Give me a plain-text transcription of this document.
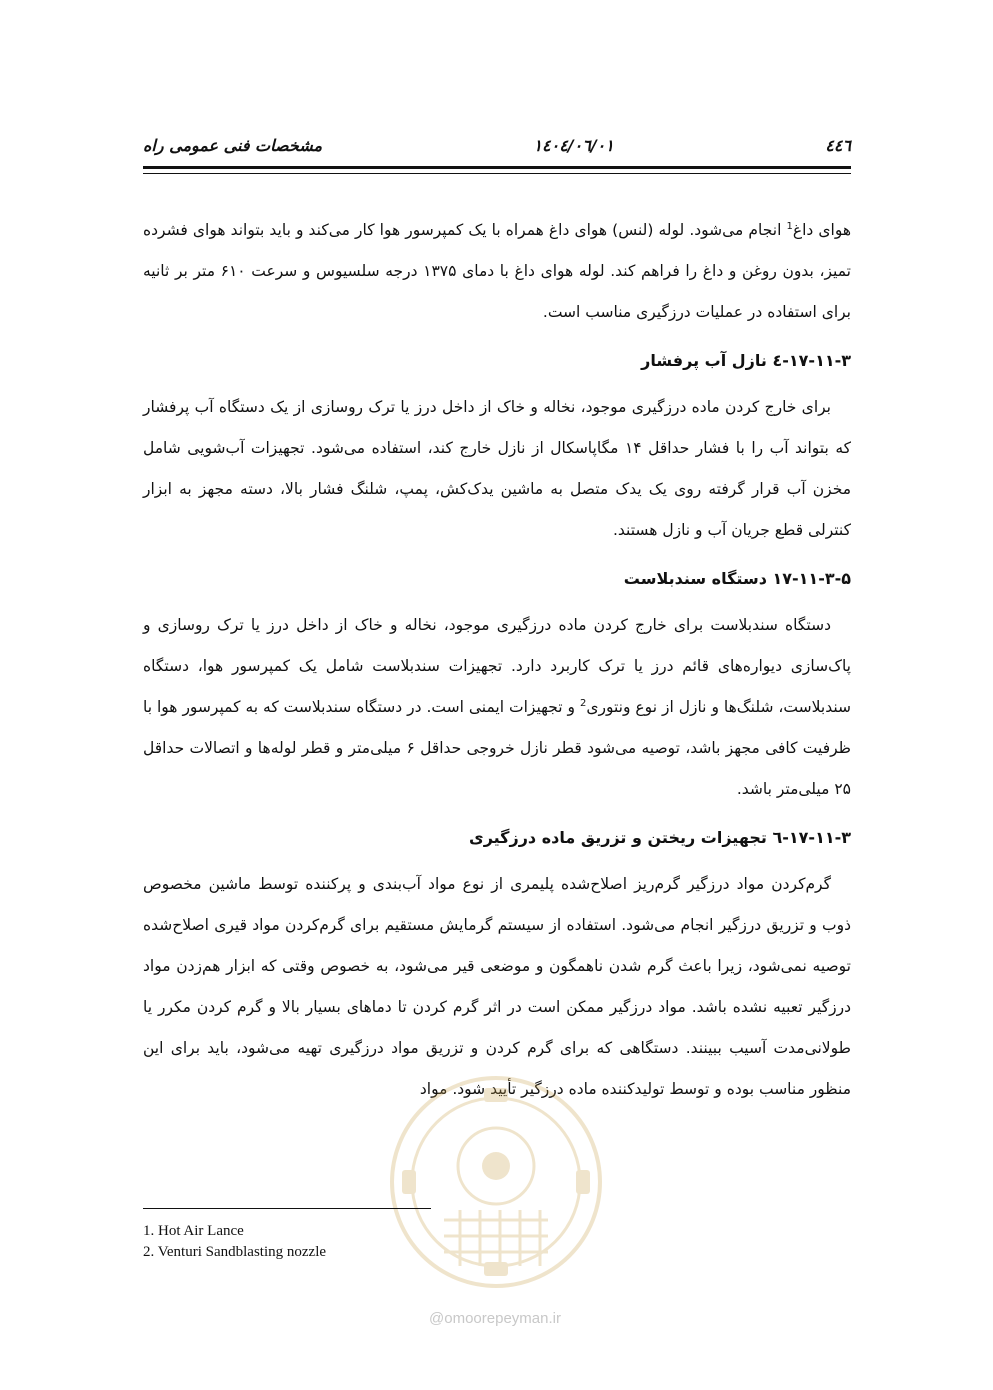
٤٤٦
١٤٠٤/٠٦/٠١
مشخصات فنی عمومی راه

هوای داغ$^1$ انجام می‌شود. لوله (لنس) هوای داغ همراه با یک کمپرسور هوا کار می‌کند و باید بتواند هوای فشرده تمیز، بدون روغن و داغ را فراهم کند. لوله هوای داغ با دمای ۱۳۷۵ درجه سلسیوس و سرعت ۶۱۰ متر بر ثانیه برای استفاده در عملیات درزگیری مناسب است.

۱۷-۱۱-۳-٤ نازل آب پرفشار

برای خارج کردن ماده درزگیری موجود، نخاله و خاک از داخل درز یا ترک روسازی از یک دستگاه آب پرفشار که بتواند آب را با فشار حداقل ۱۴ مگاپاسکال از نازل خارج کند، استفاده می‌شود. تجهیزات آب‌شویی شامل مخزن آب قرار گرفته روی یک یدک متصل به ماشین یدک‌کش، پمپ، شلنگ فشار بالا، دسته مجهز به ابزار کنترلی قطع جریان آب و نازل هستند.

۱۷-۱۱-۳-۵ دستگاه سندبلاست

دستگاه سندبلاست برای خارج کردن ماده درزگیری موجود، نخاله و خاک از داخل درز یا ترک روسازی و پاک‌سازی دیواره‌های قائم درز یا ترک کاربرد دارد. تجهیزات سندبلاست شامل یک کمپرسور هوا، دستگاه سندبلاست، شلنگ‌ها و نازل از نوع ونتوری$^2$ و تجهیزات ایمنی است. در دستگاه سندبلاست که به کمپرسور هوا با ظرفیت کافی مجهز باشد، توصیه می‌شود قطر نازل خروجی حداقل ۶ میلی‌متر و قطر لوله‌ها و اتصالات حداقل ۲۵ میلی‌متر باشد.

۱۷-۱۱-۳-٦ تجهیزات ریختن و تزریق ماده درزگیری

گرم‌کردن مواد درزگیر گرم‌ریز اصلاح‌شده پلیمری از نوع مواد آب‌بندی و پرکننده توسط ماشین مخصوص ذوب و تزریق درزگیر انجام می‌شود. استفاده از سیستم گرمایش مستقیم برای گرم‌کردن مواد قیری اصلاح‌شده توصیه نمی‌شود، زیرا باعث گرم شدن ناهمگون و موضعی قیر می‌شود، به خصوص وقتی که ابزار هم‌زدن مواد درزگیر تعبیه نشده باشد. مواد درزگیر ممکن است در اثر گرم کردن تا دماهای بسیار بالا و گرم کردن مکرر یا طولانی‌مدت آسیب ببینند. دستگاهی که برای گرم کردن و تزریق مواد درزگیری تهیه می‌شود، باید برای این منظور مناسب بوده و توسط تولیدکننده ماده درزگیر تأیید شود. مواد

@omoorepeyman.ir
1. Hot Air Lance
2. Venturi Sandblasting nozzle
